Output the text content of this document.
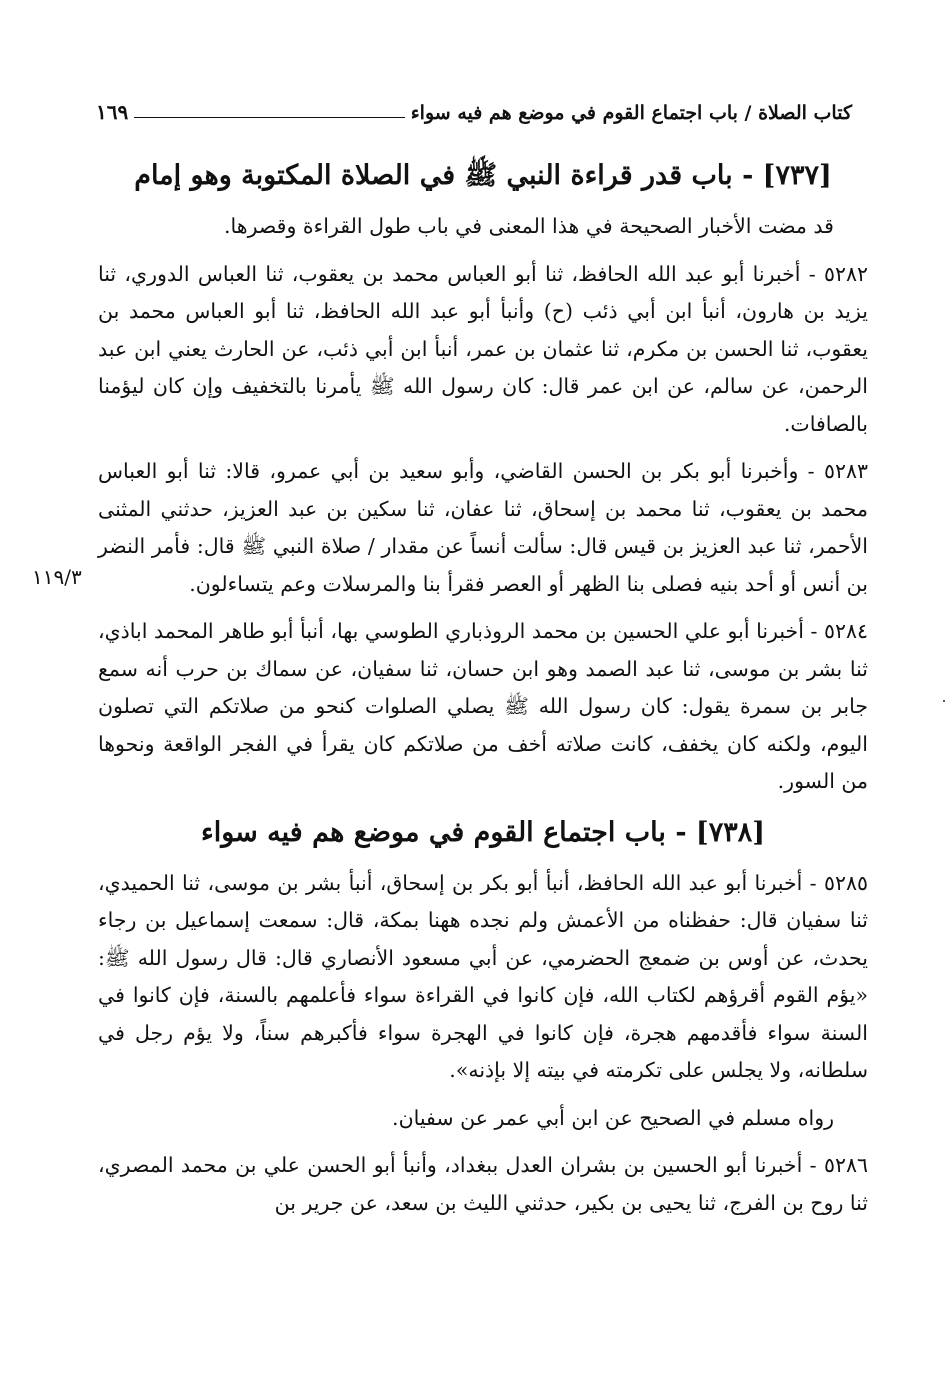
كتاب الصلاة / باب اجتماع القوم في موضع هم فيه سواء
١٦٩
١١٩/٣
[٧٣٧] - باب قدر قراءة النبي ﷺ في الصلاة المكتوبة وهو إمام

قد مضت الأخبار الصحيحة في هذا المعنى في باب طول القراءة وقصرها.

٥٢٨٢ - أخبرنا أبو عبد الله الحافظ، ثنا أبو العباس محمد بن يعقوب، ثنا العباس الدوري، ثنا يزيد بن هارون، أنبأ ابن أبي ذئب (ح) وأنبأ أبو عبد الله الحافظ، ثنا أبو العباس محمد بن يعقوب، ثنا الحسن بن مكرم، ثنا عثمان بن عمر، أنبأ ابن أبي ذئب، عن الحارث يعني ابن عبد الرحمن، عن سالم، عن ابن عمر قال: كان رسول الله ﷺ يأمرنا بالتخفيف وإن كان ليؤمنا بالصافات.

٥٢٨٣ - وأخبرنا أبو بكر بن الحسن القاضي، وأبو سعيد بن أبي عمرو، قالا: ثنا أبو العباس محمد بن يعقوب، ثنا محمد بن إسحاق، ثنا عفان، ثنا سكين بن عبد العزيز، حدثني المثنى الأحمر، ثنا عبد العزيز بن قيس قال: سألت أنساً عن مقدار / صلاة النبي ﷺ قال: فأمر النضر بن أنس أو أحد بنيه فصلى بنا الظهر أو العصر فقرأ بنا والمرسلات وعم يتساءلون.

٥٢٨٤ - أخبرنا أبو علي الحسين بن محمد الروذباري الطوسي بها، أنبأ أبو طاهر المحمد اباذي، ثنا بشر بن موسى، ثنا عبد الصمد وهو ابن حسان، ثنا سفيان، عن سماك بن حرب أنه سمع جابر بن سمرة يقول: كان رسول الله ﷺ يصلي الصلوات كنحو من صلاتكم التي تصلون اليوم، ولكنه كان يخفف، كانت صلاته أخف من صلاتكم كان يقرأ في الفجر الواقعة ونحوها من السور.

[٧٣٨] - باب اجتماع القوم في موضع هم فيه سواء

٥٢٨٥ - أخبرنا أبو عبد الله الحافظ، أنبأ أبو بكر بن إسحاق، أنبأ بشر بن موسى، ثنا الحميدي، ثنا سفيان قال: حفظناه من الأعمش ولم نجده ههنا بمكة، قال: سمعت إسماعيل بن رجاء يحدث، عن أوس بن ضمعج الحضرمي، عن أبي مسعود الأنصاري قال: قال رسول الله ﷺ: «يؤم القوم أقرؤهم لكتاب الله، فإن كانوا في القراءة سواء فأعلمهم بالسنة، فإن كانوا في السنة سواء فأقدمهم هجرة، فإن كانوا في الهجرة سواء فأكبرهم سناً، ولا يؤم رجل في سلطانه، ولا يجلس على تكرمته في بيته إلا بإذنه».

رواه مسلم في الصحيح عن ابن أبي عمر عن سفيان.

٥٢٨٦ - أخبرنا أبو الحسين بن بشران العدل ببغداد، وأنبأ أبو الحسن علي بن محمد المصري، ثنا روح بن الفرج، ثنا يحيى بن بكير، حدثني الليث بن سعد، عن جرير بن
